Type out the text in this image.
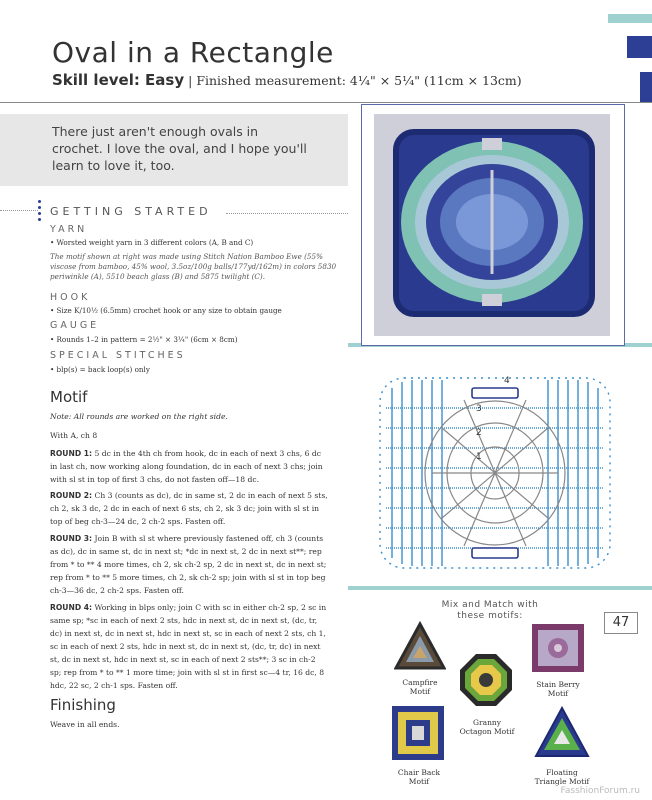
Oval in a Rectangle
Skill level: Easy | Finished measurement: 4¼" × 5¼" (11cm × 13cm)
There just aren't enough ovals in crochet. I love the oval, and I hope you'll learn to love it, too.
GETTING STARTED
YARN
• Worsted weight yarn in 3 different colors (A, B and C)
The motif shown at right was made using Stitch Nation Bamboo Ewe (55%
viscose from bamboo, 45% wool, 3.5oz/100g balls/177yd/162m) in colors 5830
periwinkle (A), 5510 beach glass (B) and 5875 twilight (C).
HOOK
• Size K/10½ (6.5mm) crochet hook or any size to obtain gauge
GAUGE
• Rounds 1–2 in pattern = 2½" × 3¼" (6cm × 8cm)
SPECIAL STITCHES
• blp(s) = back loop(s) only
Motif
Note: All rounds are worked on the right side.
With A, ch 8
ROUND 1: 5 dc in the 4th ch from hook, dc in each of next 3 chs, 6 dc in last ch, now working along foundation, dc in each of next 3 chs; join with sl st in top of first 3 chs, do not fasten off—18 dc.
ROUND 2: Ch 3 (counts as dc), dc in same st, 2 dc in each of next 5 sts, ch 2, sk 3 dc, 2 dc in each of next 6 sts, ch 2, sk 3 dc; join with sl st in top of beg ch-3—24 dc, 2 ch-2 sps. Fasten off.
ROUND 3: Join B with sl st where previously fastened off, ch 3 (counts as dc), dc in same st, dc in next st; *dc in next st, 2 dc in next st**; rep from * to ** 4 more times, ch 2, sk ch-2 sp, 2 dc in next st, dc in next st; rep from * to ** 5 more times, ch 2, sk ch-2 sp; join with sl st in top beg ch-3—36 dc, 2 ch-2 sps. Fasten off.
ROUND 4: Working in blps only; join C with sc in either ch-2 sp, 2 sc in same sp; *sc in each of next 2 sts, hdc in next st, dc in next st, (dc, tr, dc) in next st, dc in next st, hdc in next st, sc in each of next 2 sts, ch 1, sc in each of next 2 sts, hdc in next st, dc in next st, (dc, tr, dc) in next st, dc in next st, hdc in next st, sc in each of next 2 sts**; 3 sc in ch-2 sp; rep from * to ** 1 more time; join with sl st in first sc—4 tr, 16 dc, 8 hdc, 22 sc, 2 ch-1 sps. Fasten off.
Finishing
Weave in all ends.
4
3
2
1
47
Mix and Match with these motifs:
Campfire Motif
Granny Octagon Motif
Stain Berry Motif
Chair Back Motif
Floating Triangle Motif
FasshionForum.ru
